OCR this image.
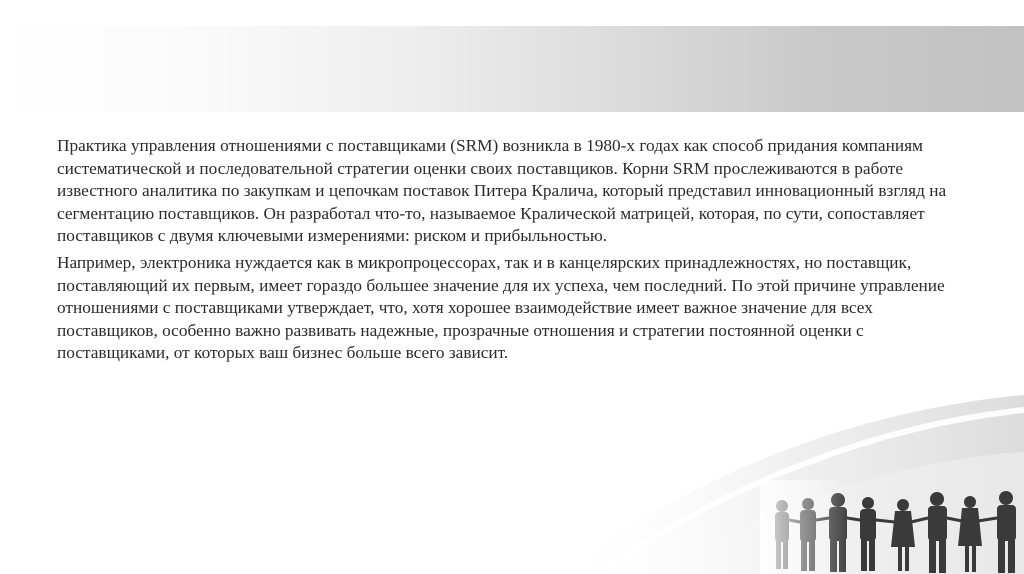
Практика управления отношениями с поставщиками (SRM) возникла в 1980-х годах как способ придания компаниям систематической и последовательной стратегии оценки своих поставщиков. Корни SRM прослеживаются в работе известного аналитика по закупкам и цепочкам поставок Питера Кралича, который представил инновационный взгляд на сегментацию поставщиков. Он разработал что-то, называемое Кралической матрицей, которая, по сути, сопоставляет поставщиков с двумя ключевыми измерениями: риском и прибыльностью.

Например, электроника нуждается как в микропроцессорах, так и в канцелярских принадлежностях, но поставщик, поставляющий их первым, имеет гораздо большее значение для их успеха, чем последний. По этой причине управление отношениями с поставщиками утверждает, что, хотя хорошее взаимодействие имеет важное значение для всех поставщиков, особенно важно развивать надежные, прозрачные отношения и стратегии постоянной оценки с поставщиками, от которых ваш бизнес больше всего зависит.
